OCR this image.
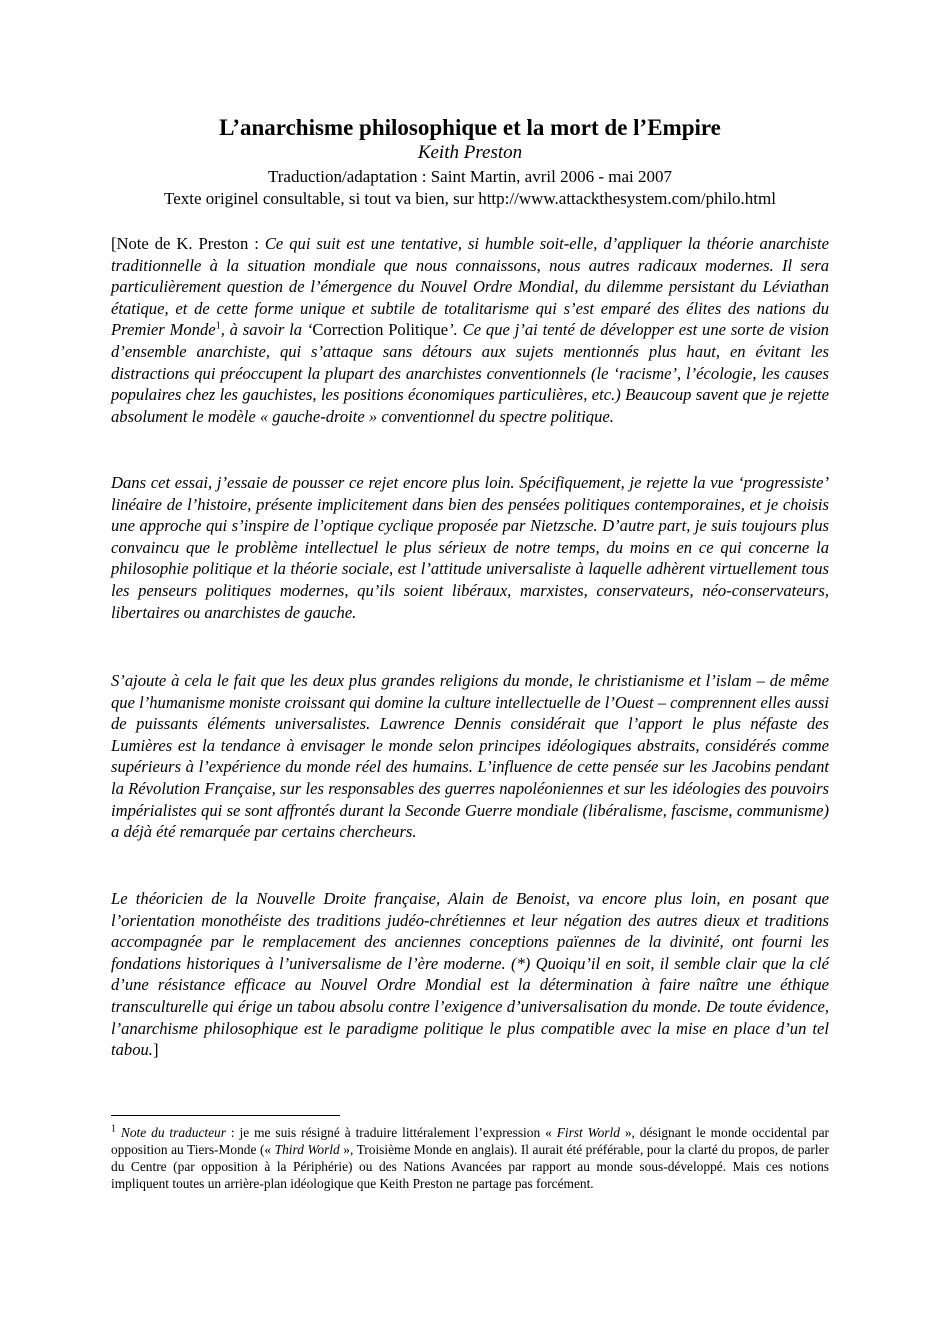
L’anarchisme philosophique et la mort de l’Empire
Keith Preston
Traduction/adaptation : Saint Martin, avril 2006 - mai 2007
Texte originel consultable, si tout va bien, sur http://www.attackthesystem.com/philo.html

[Note de K. Preston : Ce qui suit est une tentative, si humble soit-elle, d’appliquer la théorie anarchiste traditionnelle à la situation mondiale que nous connaissons, nous autres radicaux modernes. Il sera particulièrement question de l’émergence du Nouvel Ordre Mondial, du dilemme persistant du Léviathan étatique, et de cette forme unique et subtile de totalitarisme qui s’est emparé des élites des nations du Premier Monde$^1$, à savoir la ‘Correction Politique’. Ce que j’ai tenté de développer est une sorte de vision d’ensemble anarchiste, qui s’attaque sans détours aux sujets mentionnés plus haut, en évitant les distractions qui préoccupent la plupart des anarchistes conventionnels (le ‘racisme’, l’écologie, les causes populaires chez les gauchistes, les positions économiques particulières, etc.) Beaucoup savent que je rejette absolument le modèle « gauche-droite » conventionnel du spectre politique.

Dans cet essai, j’essaie de pousser ce rejet encore plus loin. Spécifiquement, je rejette la vue ‘progressiste’ linéaire de l’histoire, présente implicitement dans bien des pensées politiques contemporaines, et je choisis une approche qui s’inspire de l’optique cyclique proposée par Nietzsche. D’autre part, je suis toujours plus convaincu que le problème intellectuel le plus sérieux de notre temps, du moins en ce qui concerne la philosophie politique et la théorie sociale, est l’attitude universaliste à laquelle adhèrent virtuellement tous les penseurs politiques modernes, qu’ils soient libéraux, marxistes, conservateurs, néo-conservateurs, libertaires ou anarchistes de gauche.

S’ajoute à cela le fait que les deux plus grandes religions du monde, le christianisme et l’islam – de même que l’humanisme moniste croissant qui domine la culture intellectuelle de l’Ouest – comprennent elles aussi de puissants éléments universalistes. Lawrence Dennis considérait que l’apport le plus néfaste des Lumières est la tendance à envisager le monde selon principes idéologiques abstraits, considérés comme supérieurs à l’expérience du monde réel des humains. L’influence de cette pensée sur les Jacobins pendant la Révolution Française, sur les responsables des guerres napoléoniennes et sur les idéologies des pouvoirs impérialistes qui se sont affrontés durant la Seconde Guerre mondiale (libéralisme, fascisme, communisme) a déjà été remarquée par certains chercheurs.

Le théoricien de la Nouvelle Droite française, Alain de Benoist, va encore plus loin, en posant que l’orientation monothéiste des traditions judéo-chrétiennes et leur négation des autres dieux et traditions accompagnée par le remplacement des anciennes conceptions païennes de la divinité, ont fourni les fondations historiques à l’universalisme de l’ère moderne. (*) Quoiqu’il en soit, il semble clair que la clé d’une résistance efficace au Nouvel Ordre Mondial est la détermination à faire naître une éthique transculturelle qui érige un tabou absolu contre l’exigence d’universalisation du monde. De toute évidence, l’anarchisme philosophique est le paradigme politique le plus compatible avec la mise en place d’un tel tabou.]

$^1$ Note du traducteur : je me suis résigné à traduire littéralement l’expression « First World », désignant le monde occidental par opposition au Tiers-Monde (« Third World », Troisième Monde en anglais). Il aurait été préférable, pour la clarté du propos, de parler du Centre (par opposition à la Périphérie) ou des Nations Avancées par rapport au monde sous-développé. Mais ces notions impliquent toutes un arrière-plan idéologique que Keith Preston ne partage pas forcément.
